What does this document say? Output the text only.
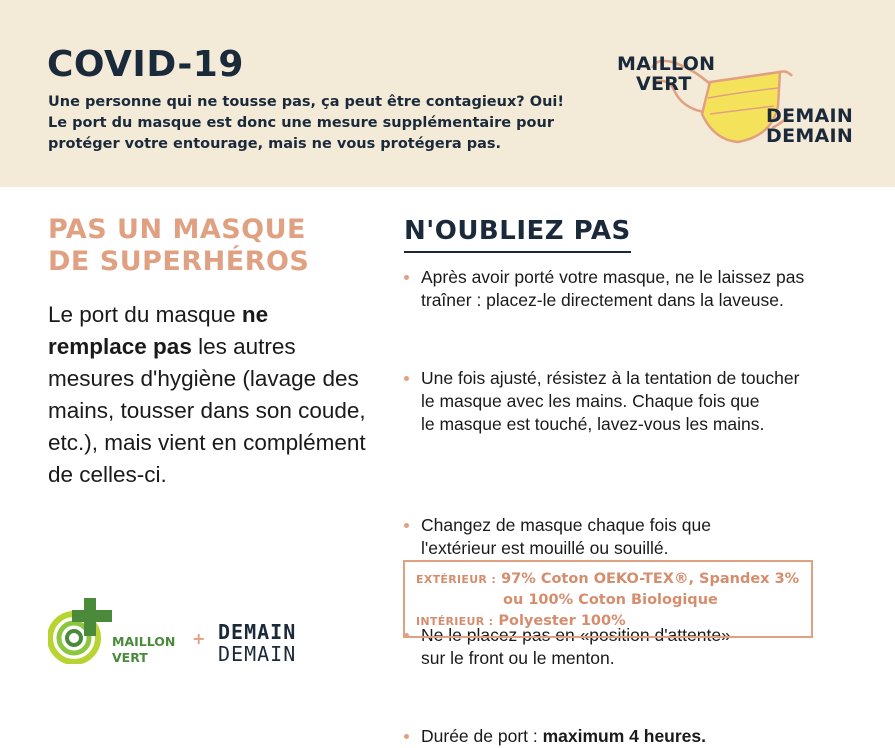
COVID-19
Une personne qui ne tousse pas, ça peut être contagieux? Oui! Le port du masque est donc une mesure supplémentaire pour protéger votre entourage, mais ne vous protégera pas.
MAILLON
VERT
DEMAIN
DEMAIN
PAS UN MASQUE
DE SUPERHÉROS
Le port du masque ne remplace pas les autres mesures d'hygiène (lavage des mains, tousser dans son coude, etc.), mais vient en complément de celles-ci.
N'OUBLIEZ PAS
Après avoir porté votre masque, ne le laissez pas
traîner : placez-le directement dans la laveuse.
Une fois ajusté, résistez à la tentation de toucher
le masque avec les mains. Chaque fois que
le masque est touché, lavez-vous les mains.
Changez de masque chaque fois que
l'extérieur est mouillé ou souillé.
Ne le placez pas en «position d'attente»
sur le front ou le menton.
Durée de port : maximum 4 heures.
EXTÉRIEUR : 97% Coton OEKO-TEX®, Spandex 3%
ou 100% Coton Biologique
INTÉRIEUR : Polyester 100%
MAILLON
VERT
+ DEMAIN
DEMAIN
